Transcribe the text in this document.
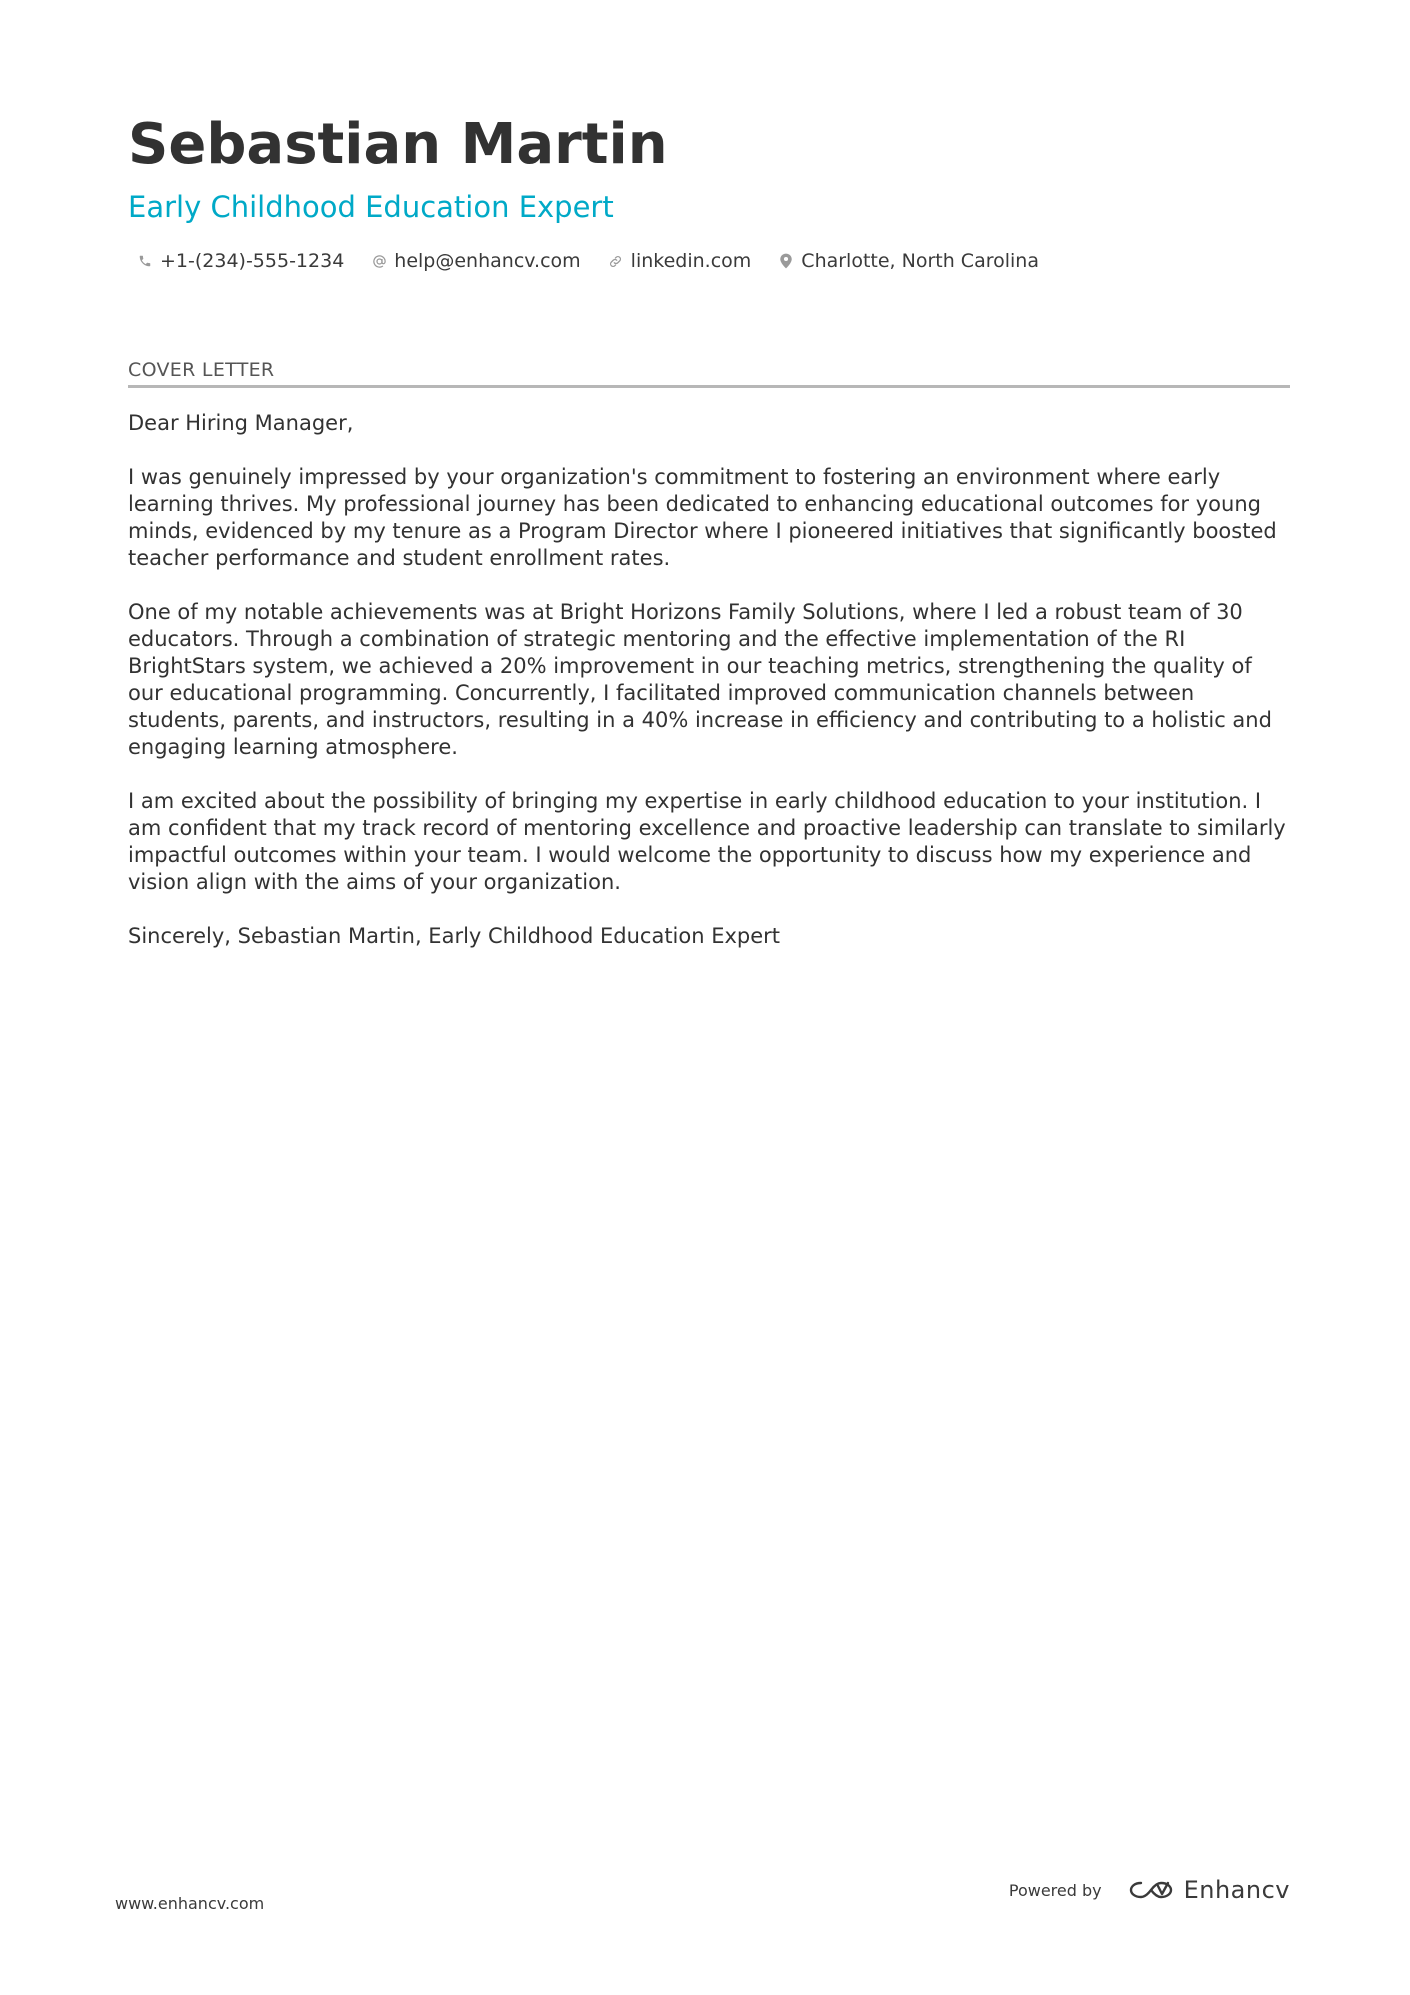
Sebastian Martin
Early Childhood Education Expert
+1-(234)-555-1234	help@enhancv.com	linkedin.com	Charlotte, North Carolina
COVER LETTER

Dear Hiring Manager,

I was genuinely impressed by your organization's commitment to fostering an environment where early learning thrives. My professional journey has been dedicated to enhancing educational outcomes for young minds, evidenced by my tenure as a Program Director where I pioneered initiatives that significantly boosted teacher performance and student enrollment rates.

One of my notable achievements was at Bright Horizons Family Solutions, where I led a robust team of 30 educators. Through a combination of strategic mentoring and the effective implementation of the RI BrightStars system, we achieved a 20% improvement in our teaching metrics, strengthening the quality of our educational programming. Concurrently, I facilitated improved communication channels between students, parents, and instructors, resulting in a 40% increase in efficiency and contributing to a holistic and engaging learning atmosphere.

I am excited about the possibility of bringing my expertise in early childhood education to your institution. I am confident that my track record of mentoring excellence and proactive leadership can translate to similarly impactful outcomes within your team. I would welcome the opportunity to discuss how my experience and vision align with the aims of your organization.

Sincerely, Sebastian Martin, Early Childhood Education Expert

www.enhancv.com
Powered by	Enhancv
